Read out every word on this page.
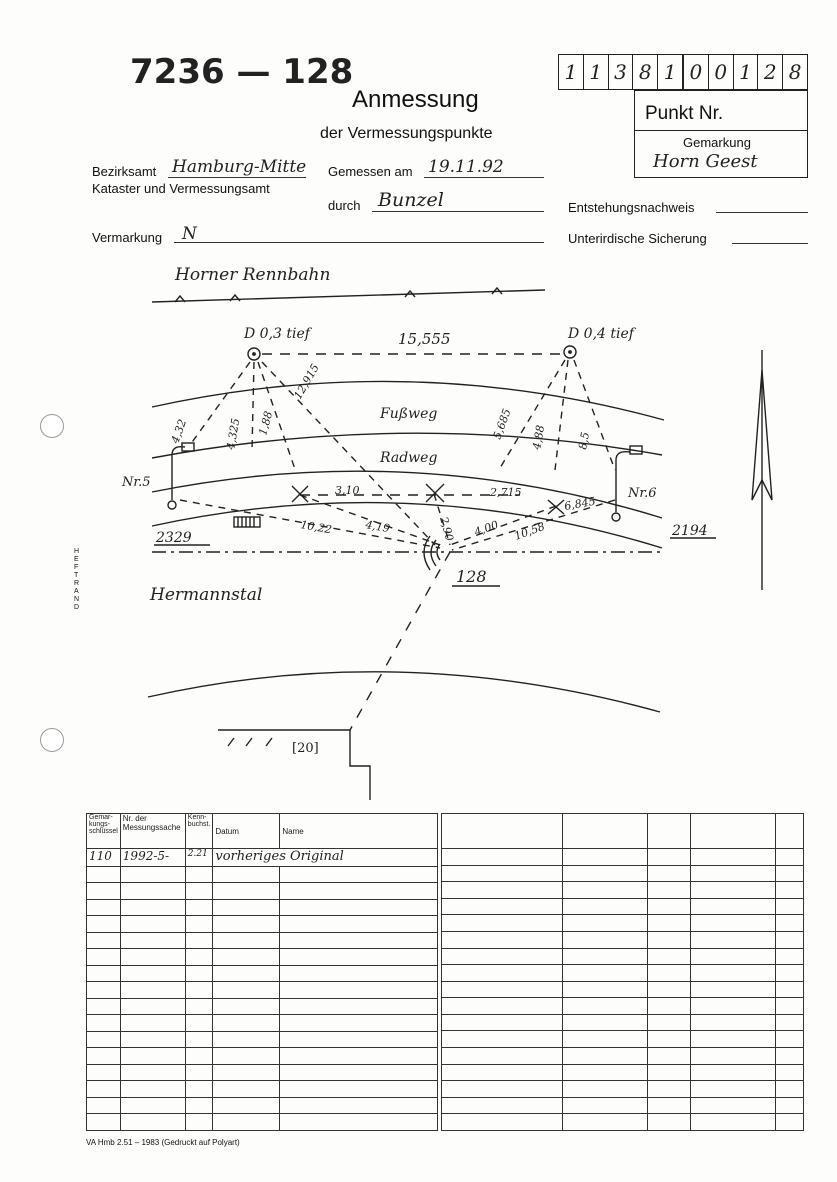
HEFTRAND
7236 — 128
Anmessung
der Vermessungspunkte
1 1 3 8 1 0 0 1 2 8
Punkt Nr.
Gemarkung
Horn Geest
Bezirksamt Hamburg-Mitte
Kataster und Vermessungsamt
Gemessen am 19.11.92
durch Bunzel	Entstehungsnachweis
Vermarkung N	Unterirdische Sicherung
Horner Rennbahn
Hermannstal
Fußweg
Radweg
D 0,3 tief	D 0,4 tief
15,555
Nr.5
Nr.6
128
2329	2194
[20]
4,32	4,325 1,88
12,915
5,685 4,88	8,5
3,10	2,715
6,845
10,22	4,19	2,90 4,00 10,58
Gemar-kungs-schlüssel	Nr. der Messungssache	Kenn-buchst.	Datum	Name
110	1992-5-	2.21	vorheriges Original	

VA Hmb 2.51 – 1983 (Gedruckt auf Polyart)
